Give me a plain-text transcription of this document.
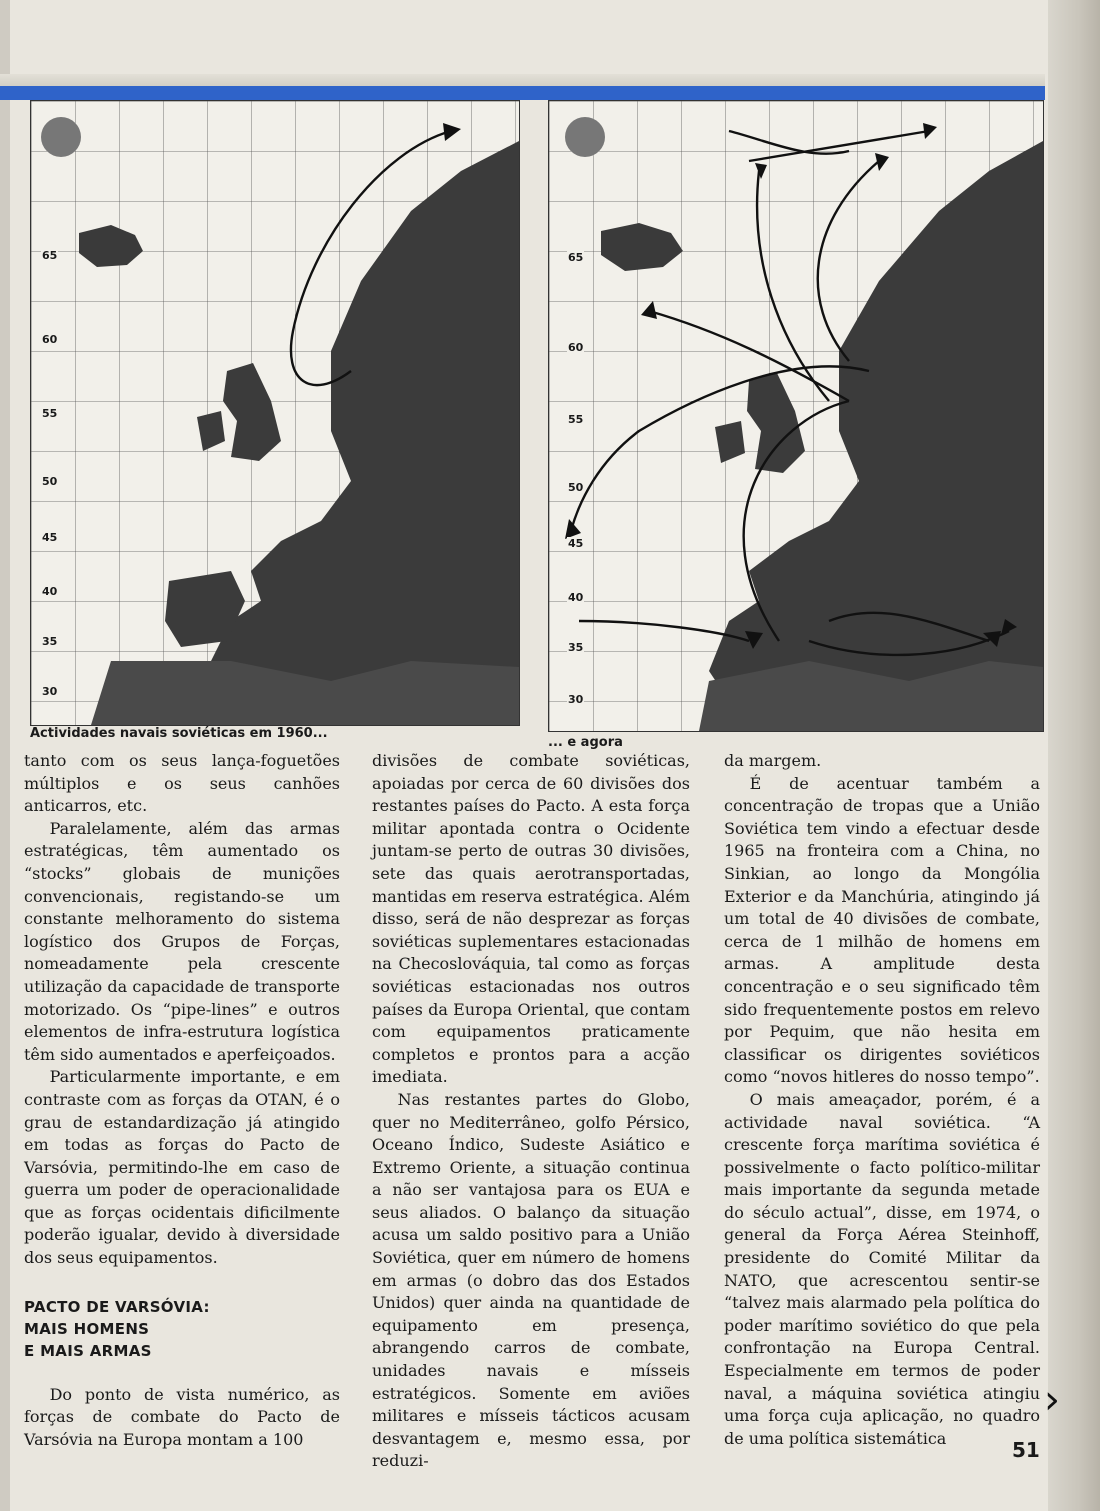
65
60
55
50
45
40
35
30
Actividades navais soviéticas em 1960...
65
60
55
50
45
40
35
30
... e agora

tanto com os seus lança-foguetões múltiplos e os seus canhões anticarros, etc.

Paralelamente, além das armas estratégicas, têm aumentado os “stocks” globais de munições convencionais, registando-se um constante melhoramento do sistema logístico dos Grupos de Forças, nomeadamente pela crescente utilização da capacidade de transporte motorizado. Os “pipe-lines” e outros elementos de infra-estrutura logística têm sido aumentados e aperfeiçoados.

Particularmente importante, e em contraste com as forças da OTAN, é o grau de estandardização já atingido em todas as forças do Pacto de Varsóvia, permitindo-lhe em caso de guerra um poder de operacionalidade que as forças ocidentais dificilmente poderão igualar, devido à diversidade dos seus equipamentos.

PACTO DE VARSÓVIA:
MAIS HOMENS
E MAIS ARMAS

Do ponto de vista numérico, as forças de combate do Pacto de Varsóvia na Europa montam a 100

divisões de combate soviéticas, apoiadas por cerca de 60 divisões dos restantes países do Pacto. A esta força militar apontada contra o Ocidente juntam-se perto de outras 30 divisões, sete das quais aerotransportadas, mantidas em reserva estratégica. Além disso, será de não desprezar as forças soviéticas suplementares estacionadas na Checoslováquia, tal como as forças soviéticas estacionadas nos outros países da Europa Oriental, que contam com equipamentos praticamente completos e prontos para a acção imediata.

Nas restantes partes do Globo, quer no Mediterrâneo, golfo Pérsico, Oceano Índico, Sudeste Asiático e Extremo Oriente, a situação continua a não ser vantajosa para os EUA e seus aliados. O balanço da situação acusa um saldo positivo para a União Soviética, quer em número de homens em armas (o dobro das dos Estados Unidos) quer ainda na quantidade de equipamento em presença, abrangendo carros de combate, unidades navais e mísseis estratégicos. Somente em aviões militares e mísseis tácticos acusam desvantagem e, mesmo essa, por reduzi-

da margem.

É de acentuar também a concentração de tropas que a União Soviética tem vindo a efectuar desde 1965 na fronteira com a China, no Sinkian, ao longo da Mongólia Exterior e da Manchúria, atingindo já um total de 40 divisões de combate, cerca de 1 milhão de homens em armas. A amplitude desta concentração e o seu significado têm sido frequentemente postos em relevo por Pequim, que não hesita em classificar os dirigentes soviéticos como “novos hitleres do nosso tempo”.

O mais ameaçador, porém, é a actividade naval soviética. “A crescente força marítima soviética é possivelmente o facto político-militar mais importante da segunda metade do século actual”, disse, em 1974, o general da Força Aérea Steinhoff, presidente do Comité Militar da NATO, que acrescentou sentir-se “talvez mais alarmado pela política do poder marítimo soviético do que pela confrontação na Europa Central. Especialmente em termos de poder naval, a máquina soviética atingiu uma força cuja aplicação, no quadro de uma política sistemática

›
51
